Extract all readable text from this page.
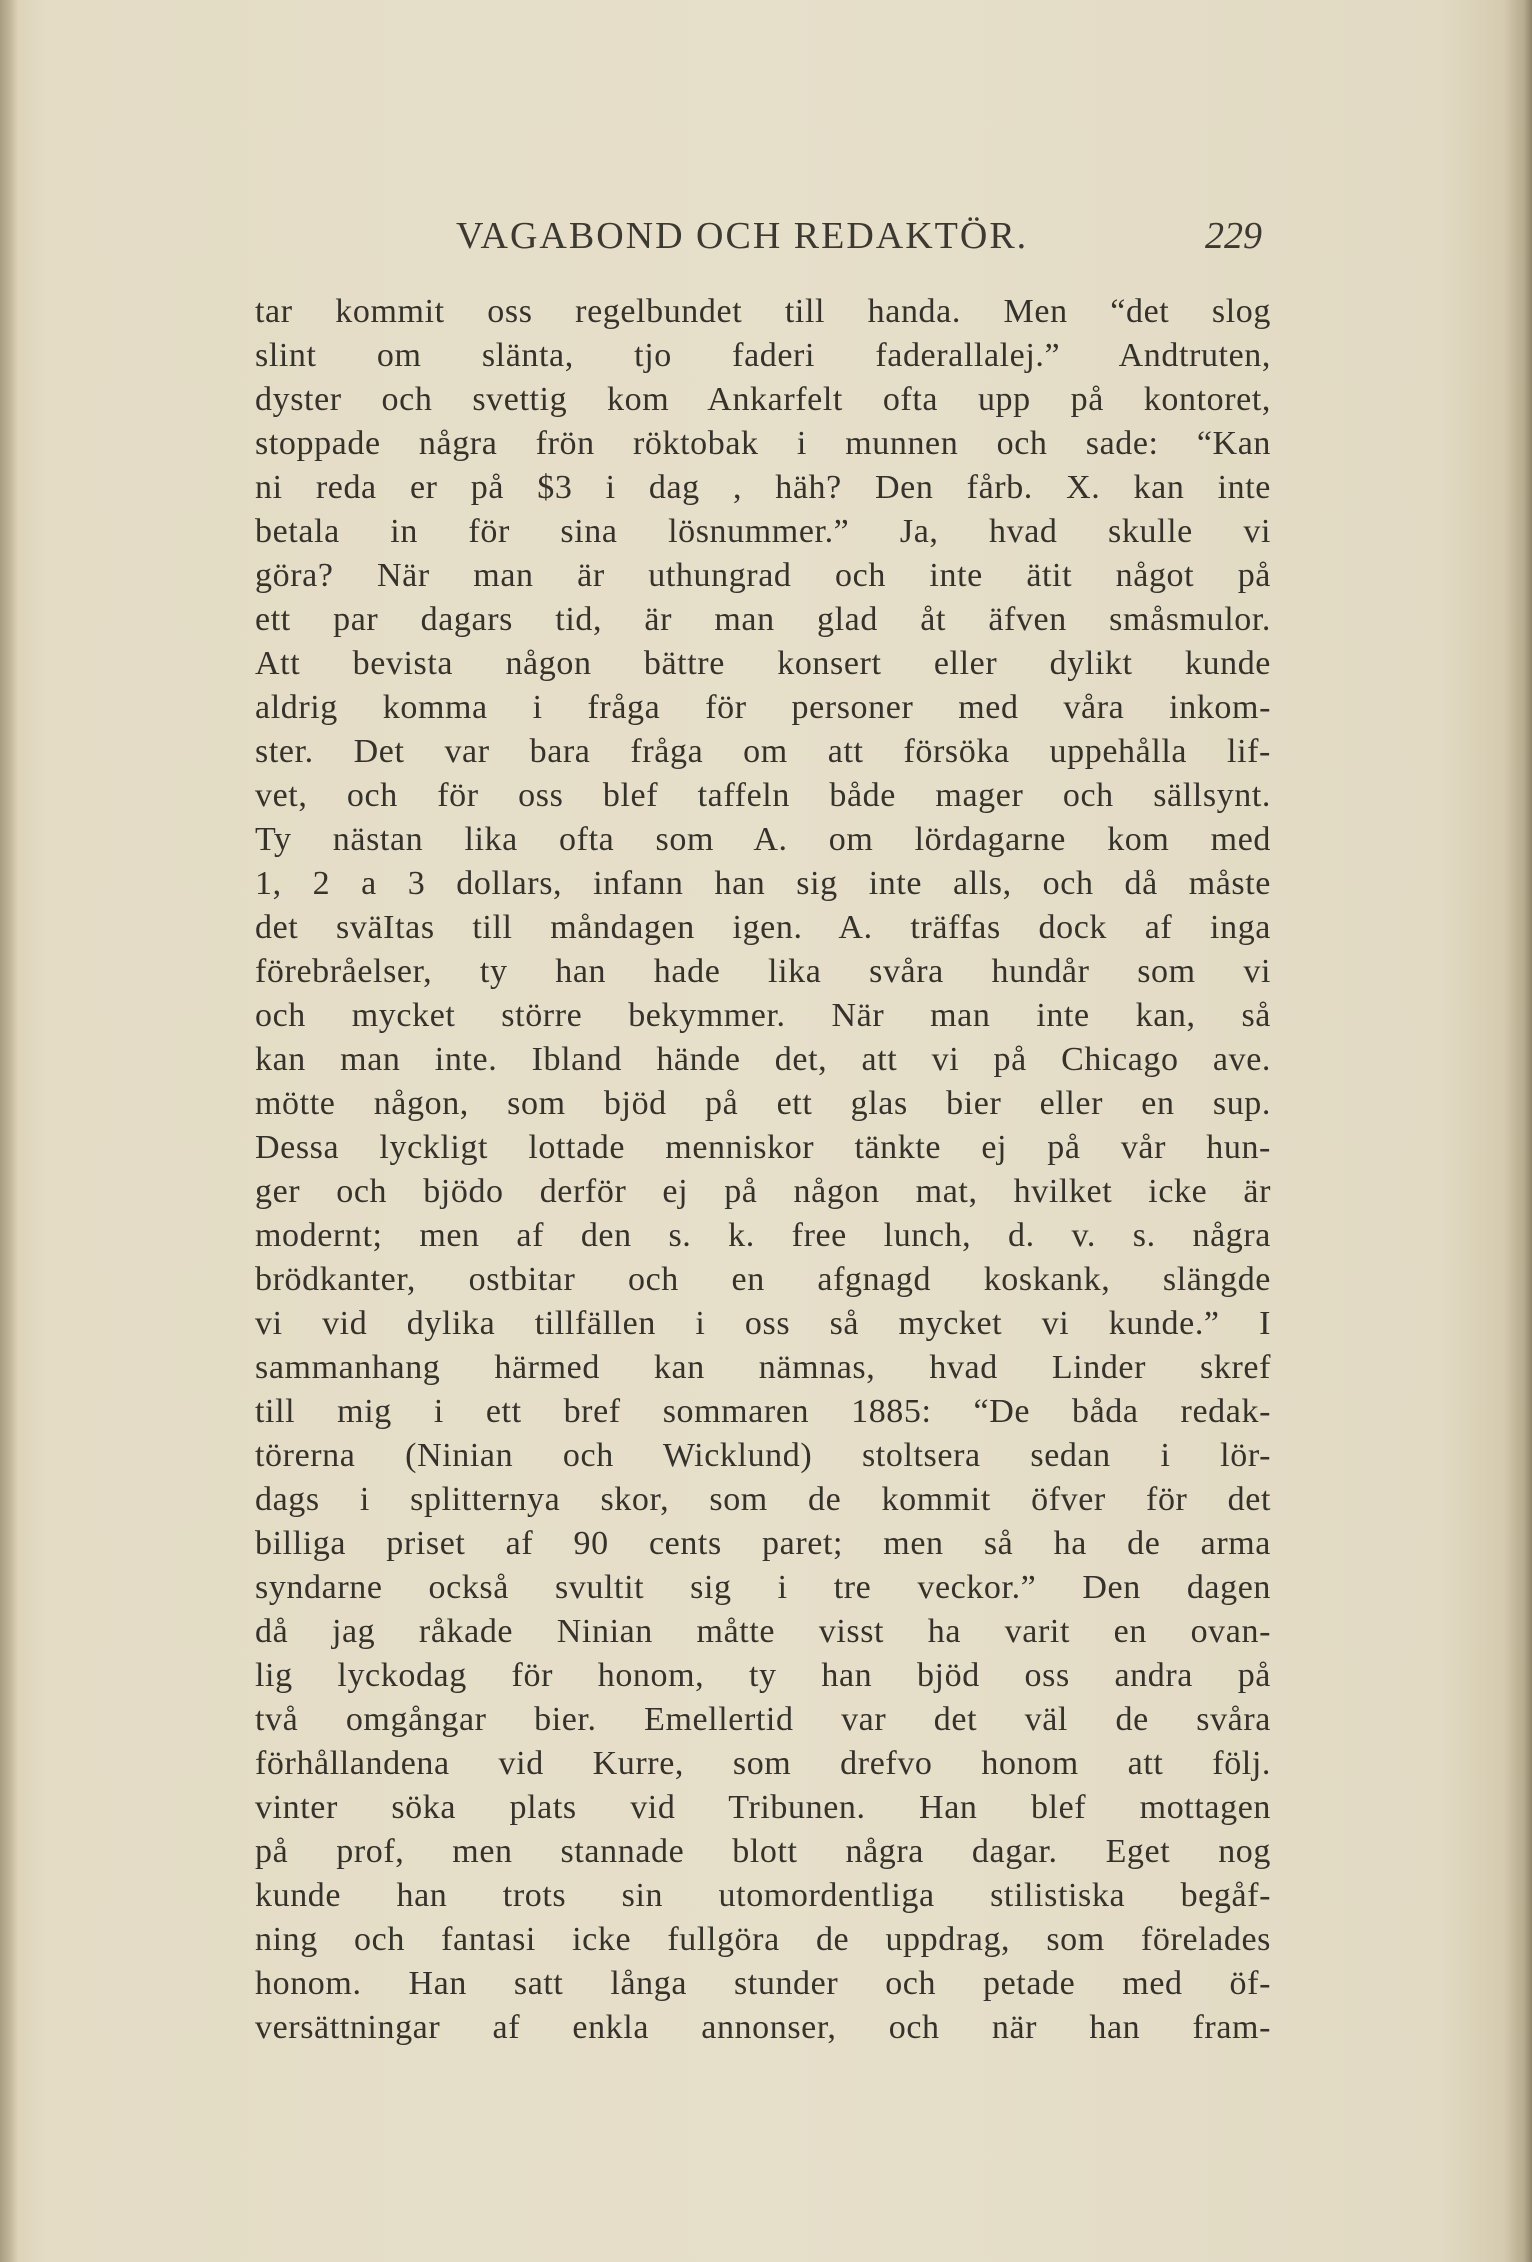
VAGABOND OCH REDAKTÖR.	229
tar kommit oss regelbundet till handa. Men “det slog
slint om slänta, tjo faderi faderallalej.” Andtruten,
dyster och svettig kom Ankarfelt ofta upp på kontoret,
stoppade några frön röktobak i munnen och sade: “Kan
ni reda er på $3 i dag , häh? Den fårb. X. kan inte
betala in för sina lösnummer.” Ja, hvad skulle vi
göra? När man är uthungrad och inte ätit något på
ett par dagars tid, är man glad åt äfven småsmulor.
Att bevista någon bättre konsert eller dylikt kunde
aldrig komma i fråga för personer med våra inkom-
ster. Det var bara fråga om att försöka uppehålla lif-
vet, och för oss blef taffeln både mager och sällsynt.
Ty nästan lika ofta som A. om lördagarne kom med
1, 2 a 3 dollars, infann han sig inte alls, och då måste
det sväItas till måndagen igen. A. träffas dock af inga
förebråelser, ty han hade lika svåra hundår som vi
och mycket större bekymmer. När man inte kan, så
kan man inte. Ibland hände det, att vi på Chicago ave.
mötte någon, som bjöd på ett glas bier eller en sup.
Dessa lyckligt lottade menniskor tänkte ej på vår hun-
ger och bjödo derför ej på någon mat, hvilket icke är
modernt; men af den s. k. free lunch, d. v. s. några
brödkanter, ostbitar och en afgnagd koskank, slängde
vi vid dylika tillfällen i oss så mycket vi kunde.” I
sammanhang härmed kan nämnas, hvad Linder skref
till mig i ett bref sommaren 1885: “De båda redak-
törerna (Ninian och Wicklund) stoltsera sedan i lör-
dags i splitternya skor, som de kommit öfver för det
billiga priset af 90 cents paret; men så ha de arma
syndarne också svultit sig i tre veckor.” Den dagen
då jag råkade Ninian måtte visst ha varit en ovan-
lig lyckodag för honom, ty han bjöd oss andra på
två omgångar bier. Emellertid var det väl de svåra
förhållandena vid Kurre, som drefvo honom att följ.
vinter söka plats vid Tribunen. Han blef mottagen
på prof, men stannade blott några dagar. Eget nog
kunde han trots sin utomordentliga stilistiska begåf-
ning och fantasi icke fullgöra de uppdrag, som förelades
honom. Han satt långa stunder och petade med öf-
versättningar af enkla annonser, och när han fram-
